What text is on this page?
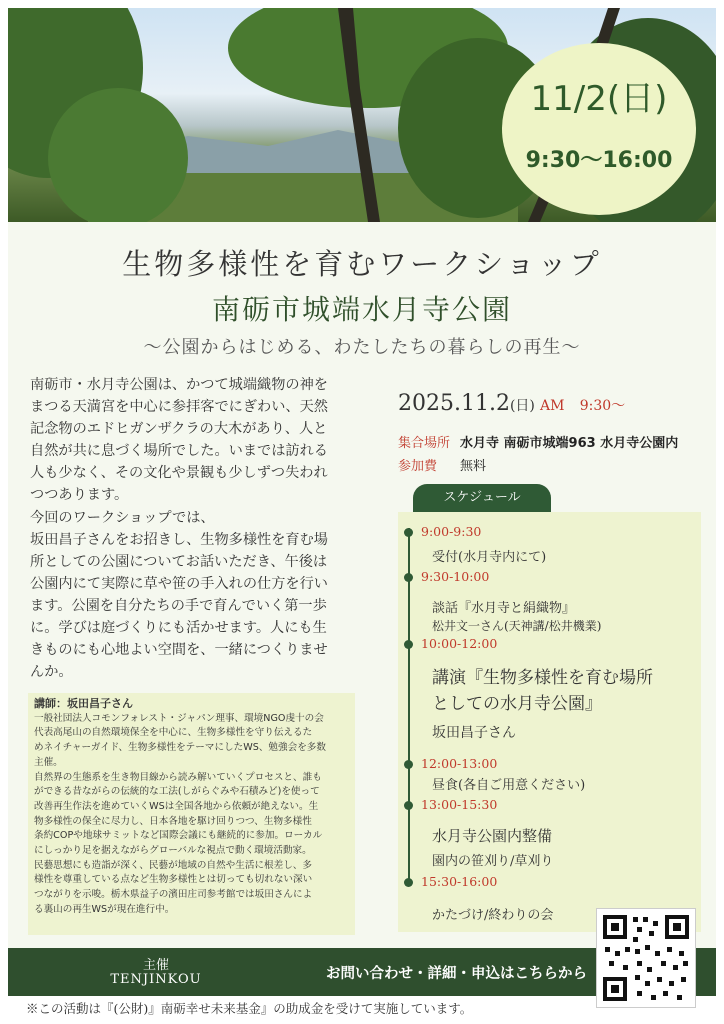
11/2(日)
9:30〜16:00
生物多様性を育むワークショップ
南砺市城端水月寺公園
〜公園からはじめる、わたしたちの暮らしの再生〜

南砺市・水月寺公園は、かつて城端織物の神を

まつる天満宮を中心に参拝客でにぎわい、天然

記念物のエドヒガンザクラの大木があり、人と

自然が共に息づく場所でした。いまでは訪れる

人も少なく、その文化や景観も少しずつ失われ

つつあります。

今回のワークショップでは、

坂田昌子さんをお招きし、生物多様性を育む場

所としての公園についてお話いただき、午後は

公園内にて実際に草や笹の手入れの仕方を行い

ます。公園を自分たちの手で育んでいく第一歩

に。学びは庭づくりにも活かせます。人にも生

きものにも心地よい空間を、一緒につくりませ

んか。

講師：坂田昌子さん
一般社団法人コモンフォレスト・ジャパン理事、環境NGO虔十の会
代表高尾山の自然環境保全を中心に、生物多様性を守り伝えるた
めネイチャーガイド、生物多様性をテーマにしたWS、勉強会を多数
主催。
自然界の生態系を生き物目線から読み解いていくプロセスと、誰も
ができる昔ながらの伝統的な工法(しがらぐみや石積みど)を使って
改善再生作法を進めていくWSは全国各地から依頼が絶えない。生
物多様性の保全に尽力し、日本各地を駆け回りつつ、生物多様性
条約COPや地球サミットなど国際会議にも継続的に参加。ローカル
にしっかり足を据えながらグローバルな視点で動く環境活動家。
民藝思想にも造詣が深く、民藝が地域の自然や生活に根差し、多
様性を尊重している点など生物多様性とは切っても切れない深い
つながりを示唆。栃木県益子の濱田庄司参考館では坂田さんによ
る裏山の再生WSが現在進行中。
2025.11.2(日) AM 9:30〜
集合場所 水月寺 南砺市城端963 水月寺公園内
参加費 無料
スケジュール
9:00-9:30
受付(水月寺内にて)
9:30-10:00
談話『水月寺と絹織物』
松井文一さん(天神講/松井機業)
10:00-12:00
講演『生物多様性を育む場所
としての水月寺公園』
坂田昌子さん
12:00-13:00
昼食(各自ご用意ください)
13:00-15:30
水月寺公園内整備
園内の笹刈り/草刈り
15:30-16:00
かたづけ/終わりの会
主催
TENJINKOU	お問い合わせ・詳細・申込はこちらから
※この活動は『(公財)』南砺幸せ未来基金』の助成金を受けて実施しています。
